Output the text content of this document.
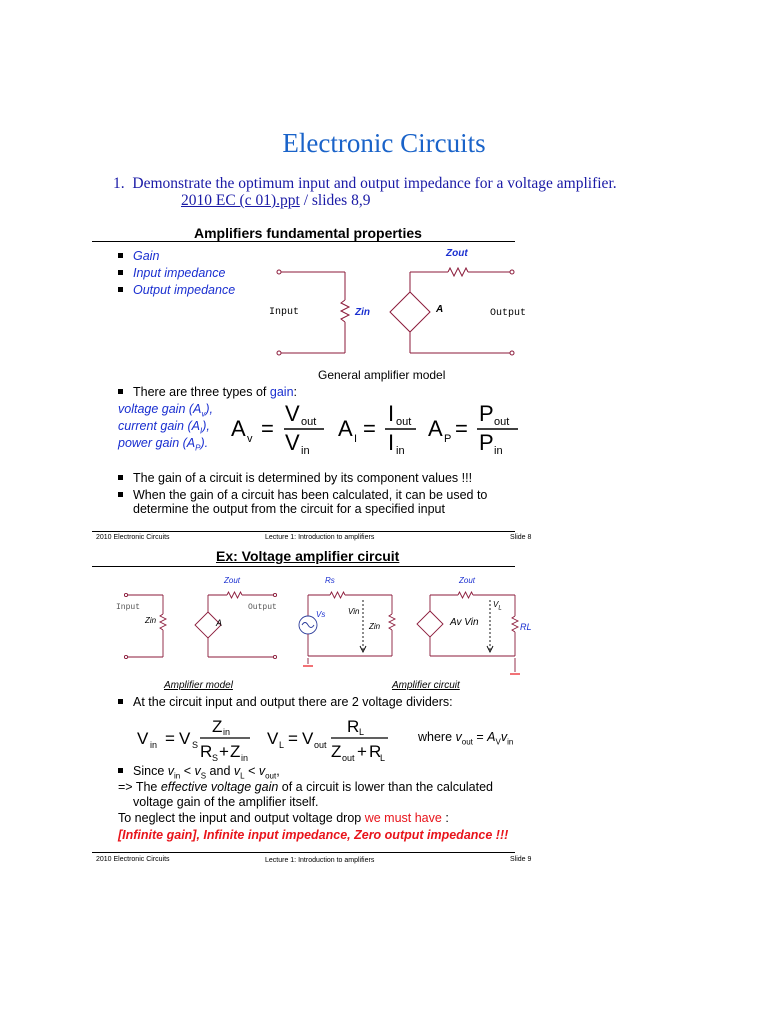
Electronic Circuits
1. Demonstrate the optimum input and output impedance for a voltage amplifier.
2010 EC (c 01).ppt / slides 8,9
Amplifiers fundamental properties
Gain
Input impedance
Output impedance
Zout
Input	Zin	A	Output
General amplifier model
There are three types of gain:
voltage gain $(A_v)$,
current gain $(A_I)$,
power gain $(A_P)$.
A v =
V out
V in
A I =
I out
I in
A P =
P out
P in
The gain of a circuit is determined by its component values !!!
When the gain of a circuit has been calculated, it can be used to
determine the output from the circuit for a specified input
2010 Electronic Circuits	Lecture 1: Introduction to amplifiers	Slide 8
Ex: Voltage amplifier circuit
Zout
Input	Output
Zin	A
Amplifier model
Rs	Zout
Vs	Vin
Zin	Av Vin
$V_L$
RL
Amplifier circuit
At the circuit input and output there are 2 voltage dividers:
V in = V S
Z in
R S + Z in
V L = V out
R L
Z out + R
L
where $v_{out} = A_Vv_{in}$
Since $v_{in} < v_S$ and $v_L < v_{out}$,
=> The effective voltage gain of a circuit is lower than the calculated
voltage gain of the amplifier itself.
To neglect the input and output voltage drop we must have :
[Infinite gain], Infinite input impedance, Zero output impedance !!!
2010 Electronic Circuits	Lecture 1: Introduction to amplifiers	Slide 9
